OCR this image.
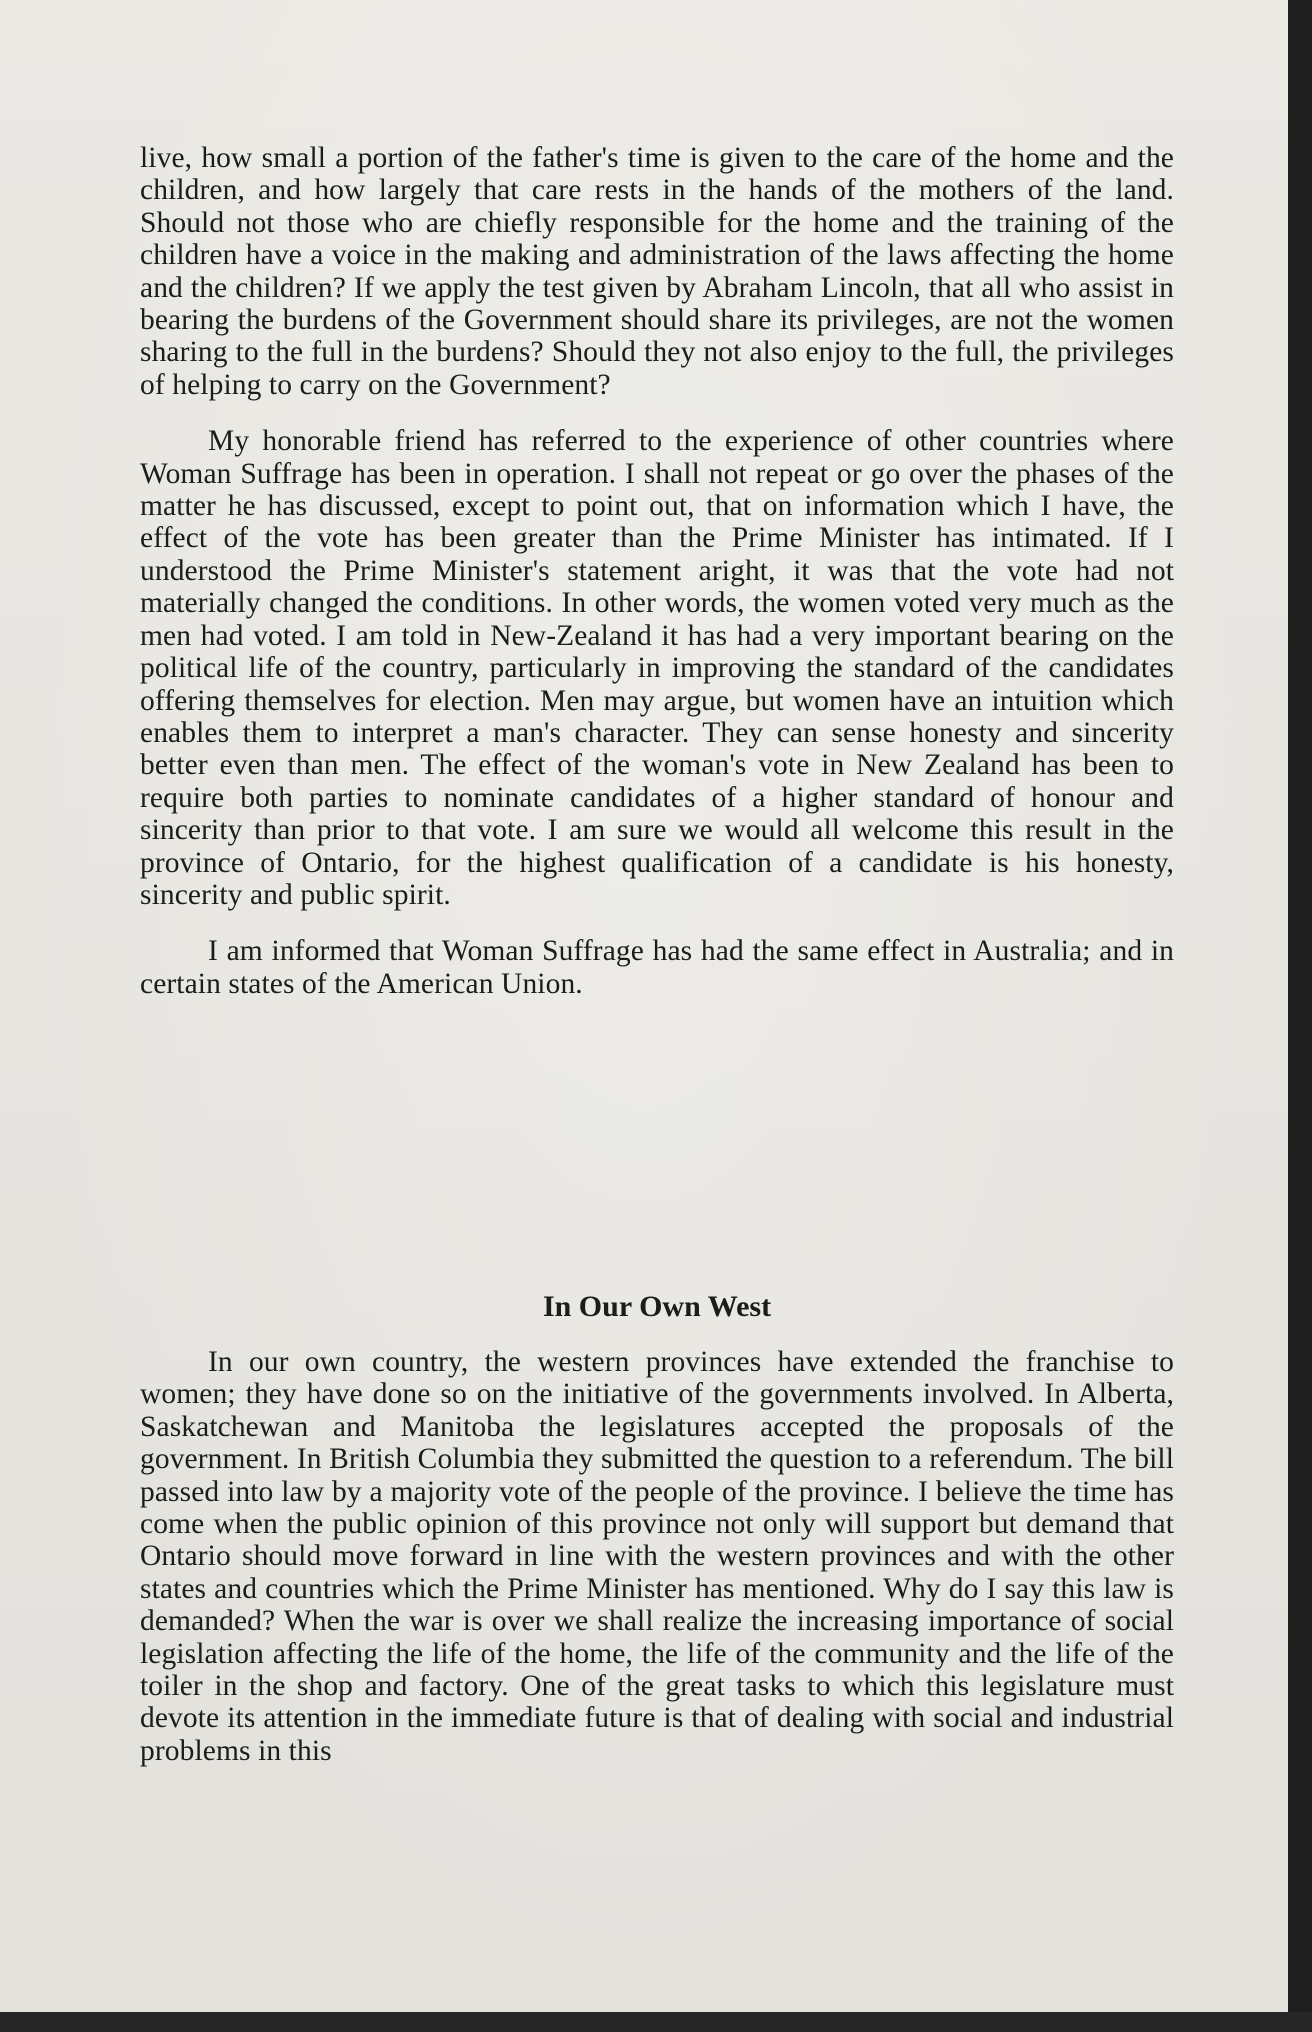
live, how small a portion of the father's time is given to the care of the home and the children, and how largely that care rests in the hands of the mothers of the land. Should not those who are chiefly responsible for the home and the training of the children have a voice in the making and administration of the laws affecting the home and the children? If we apply the test given by Abraham Lincoln, that all who assist in bearing the burdens of the Government should share its privileges, are not the women sharing to the full in the burdens? Should they not also enjoy to the full, the privileges of helping to carry on the Government?

My honorable friend has referred to the experience of other countries where Woman Suffrage has been in operation. I shall not repeat or go over the phases of the matter he has discussed, except to point out, that on information which I have, the effect of the vote has been greater than the Prime Minister has intimated. If I understood the Prime Minister's statement aright, it was that the vote had not materially changed the conditions. In other words, the women voted very much as the men had voted. I am told in New-Zealand it has had a very important bearing on the political life of the country, particularly in improving the standard of the candidates offering themselves for election. Men may argue, but women have an intuition which enables them to interpret a man's character. They can sense honesty and sincerity better even than men. The effect of the woman's vote in New Zealand has been to require both parties to nominate candidates of a higher standard of honour and sincerity than prior to that vote. I am sure we would all welcome this result in the province of Ontario, for the highest qualification of a candidate is his honesty, sincerity and public spirit.

I am informed that Woman Suffrage has had the same effect in Australia; and in certain states of the American Union.

In Our Own West

In our own country, the western provinces have extended the franchise to women; they have done so on the initiative of the governments involved. In Alberta, Saskatchewan and Manitoba the legislatures accepted the proposals of the government. In British Columbia they submitted the question to a referendum. The bill passed into law by a majority vote of the people of the province. I believe the time has come when the public opinion of this province not only will support but demand that Ontario should move forward in line with the western provinces and with the other states and countries which the Prime Minister has mentioned. Why do I say this law is demanded? When the war is over we shall realize the increasing importance of social legislation affecting the life of the home, the life of the community and the life of the toiler in the shop and factory. One of the great tasks to which this legislature must devote its attention in the immediate future is that of dealing with social and industrial problems in this
